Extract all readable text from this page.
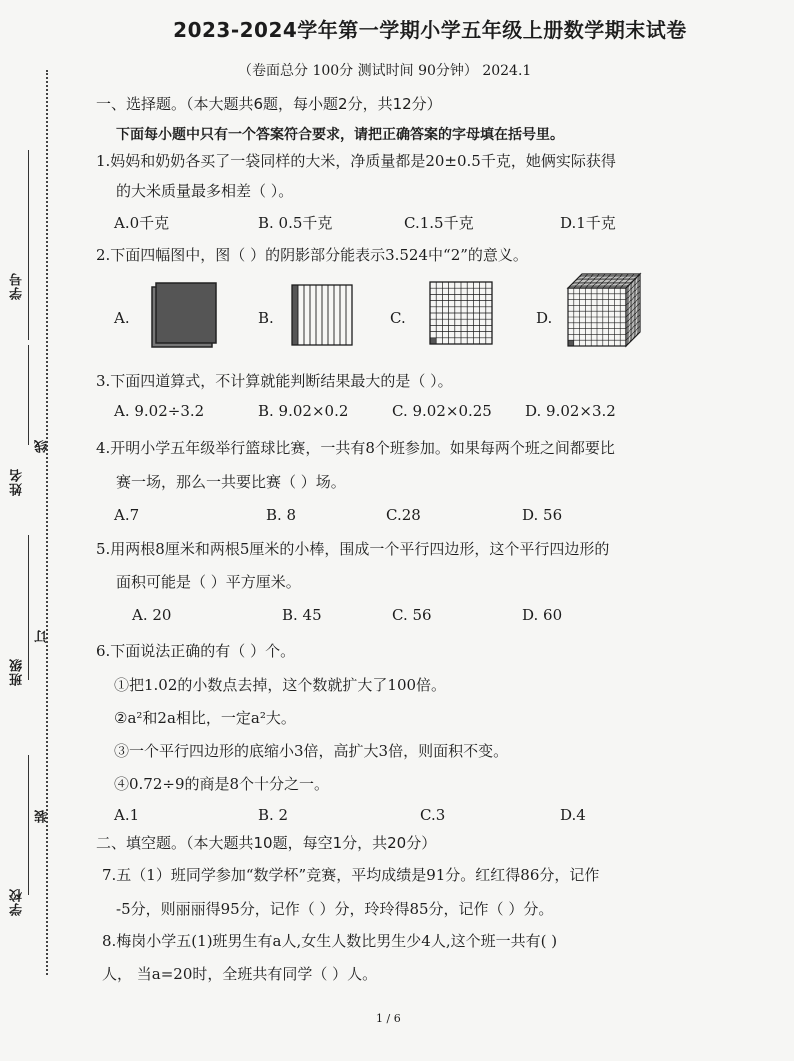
学号
姓名
线
订
班级
装
学校
2023-2024学年第一学期小学五年级上册数学期末试卷
（卷面总分 100分 测试时间 90分钟） 2024.1
一、选择题。（本大题共6题，每小题2分，共12分）
下面每小题中只有一个答案符合要求，请把正确答案的字母填在括号里。
1.妈妈和奶奶各买了一袋同样的大米，净质量都是20±0.5千克，她俩实际获得
的大米质量最多相差（ ）。
A.0千克	B. 0.5千克	C.1.5千克	D.1千克
2.下面四幅图中，图（ ）的阴影部分能表示3.524中“2”的意义。
A.	B.	C.	D.
3.下面四道算式，不计算就能判断结果最大的是（ ）。
A. 9.02÷3.2	B. 9.02×0.2	C. 9.02×0.25 D. 9.02×3.2
4.开明小学五年级举行篮球比赛，一共有8个班参加。如果每两个班之间都要比
赛一场，那么一共要比赛（ ）场。
A.7	B. 8	C.28	D. 56
5.用两根8厘米和两根5厘米的小棒，围成一个平行四边形，这个平行四边形的
面积可能是（ ）平方厘米。
A. 20	B. 45	C. 56	D. 60
6.下面说法正确的有（ ）个。
①把1.02的小数点去掉，这个数就扩大了100倍。
②a²和2a相比，一定a²大。
③一个平行四边形的底缩小3倍，高扩大3倍，则面积不变。
④0.72÷9的商是8个十分之一。
A.1	B. 2	C.3	D.4
二、填空题。（本大题共10题，每空1分，共20分）
7.五（1）班同学参加“数学杯”竞赛，平均成绩是91分。红红得86分，记作
-5分，则丽丽得95分，记作（ ）分，玲玲得85分，记作（ ）分。
8.梅岗小学五(1)班男生有a人,女生人数比男生少4人,这个班一共有( )
人， 当a=20时，全班共有同学（ ）人。
1 / 6
